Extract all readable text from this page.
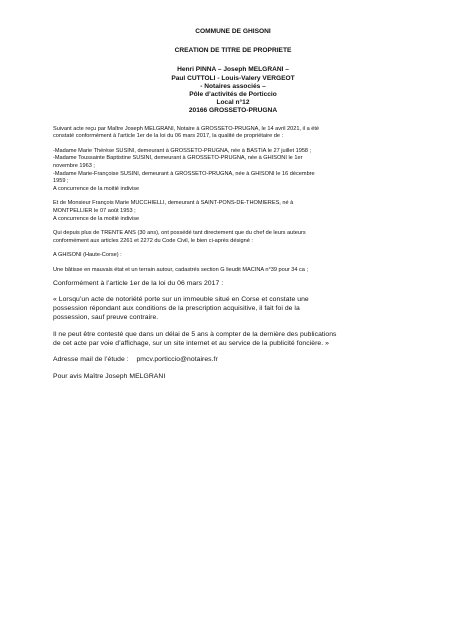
COMMUNE DE GHISONI
CREATION DE TITRE DE PROPRIETE
Henri PINNA – Joseph MELGRANI –
Paul CUTTOLI - Louis-Valery VERGEOT
- Notaires associés –
Pôle d’activités de Porticcio
Local n°12
20166 GROSSETO-PRUGNA

Suivant acte reçu par Maître Joseph MELGRANI, Notaire à GROSSETO-PRUGNA, le 14 avril 2021, il a été

constaté conformément à l’article 1er de la loi du 06 mars 2017, la qualité de propriétaire de :

-Madame Marie Thérèse SUSINI, demeurant à GROSSETO-PRUGNA, née à BASTIA le 27 juillet 1958 ;

-Madame Toussainte Baptistine SUSINI, demeurant à GROSSETO-PRUGNA, née à GHISONI le 1er

novembre 1963 ;

-Madame Marie-Françoise SUSINI, demeurant à GROSSETO-PRUGNA, née à GHISONI le 16 décembre

1959 ;

A concurrence de la moitié indivise

Et de Monsieur François Marie MUCCHIELLI, demeurant à SAINT-PONS-DE-THOMIERES, né à

MONTPELLIER le 07 août 1953 ;

A concurrence de la moitié indivise

Qui depuis plus de TRENTE ANS (30 ans), ont possédé tant directement que du chef de leurs auteurs

conformément aux articles 2261 et 2272 du Code Civil, le bien ci-après désigné :

A GHISONI (Haute-Corse) :

Une bâtisse en mauvais état et un terrain autour, cadastrés section G lieudit MACINA n°39 pour 34 ca ;

Conformément à l’article 1er de la loi du 06 mars 2017 :

« Lorsqu’un acte de notoriété porte sur un immeuble situé en Corse et constate une

possession répondant aux conditions de la prescription acquisitive, il fait foi de la

possession, sauf preuve contraire.

Il ne peut être contesté que dans un délai de 5 ans à compter de la dernière des publications

de cet acte par voie d’affichage, sur un site internet et au service de la publicité foncière. »

Adresse mail de l’étude : pmcv.porticcio@notaires.fr

Pour avis Maître Joseph MELGRANI
